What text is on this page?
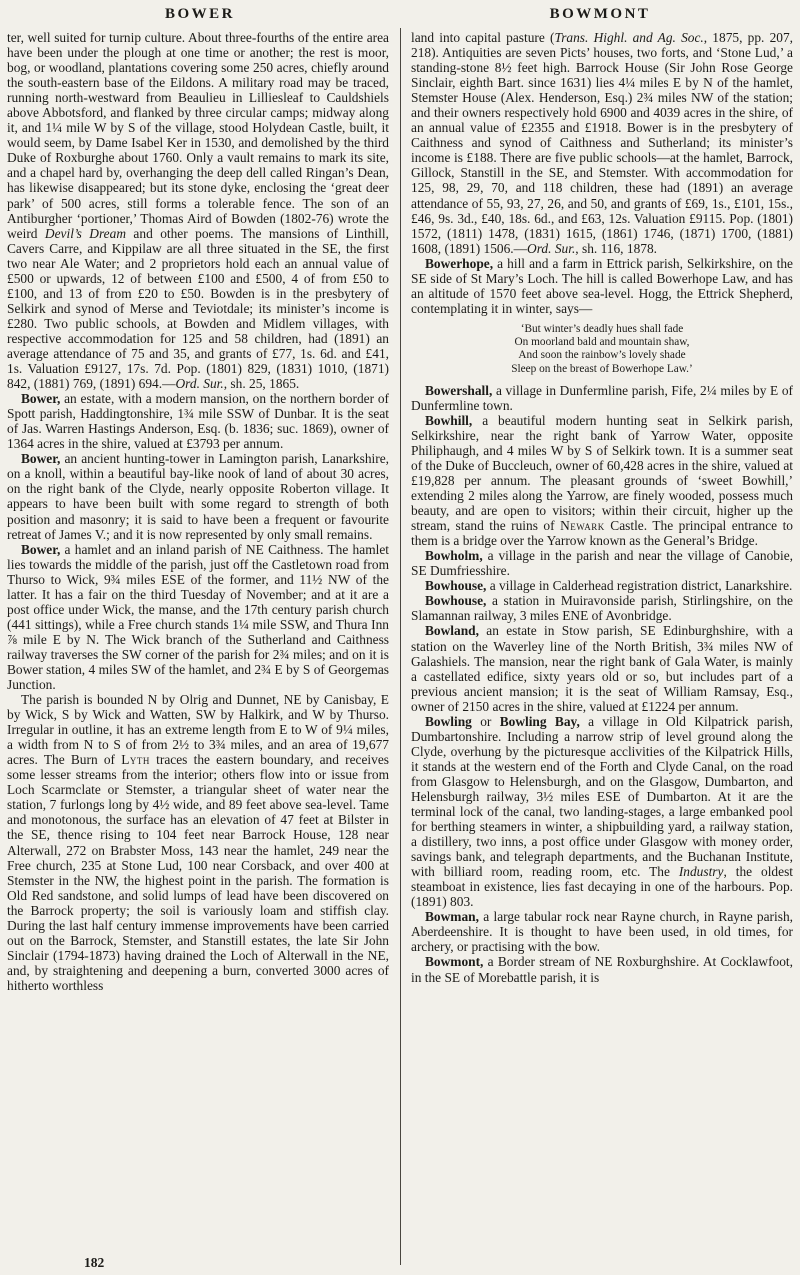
BOWER	BOWMONT

ter, well suited for turnip culture. About three-fourths of the entire area have been under the plough at one time or another; the rest is moor, bog, or woodland, plantations covering some 250 acres, chiefly around the south-eastern base of the Eildons. A military road may be traced, running north-westward from Beaulieu in Lilliesleaf to Cauldshiels above Abbotsford, and flanked by three circular camps; midway along it, and 1¼ mile W by S of the village, stood Holydean Castle, built, it would seem, by Dame Isabel Ker in 1530, and demolished by the third Duke of Roxburghe about 1760. Only a vault remains to mark its site, and a chapel hard by, overhanging the deep dell called Ringan’s Dean, has likewise disappeared; but its stone dyke, enclosing the ‘great deer park’ of 500 acres, still forms a tolerable fence. The son of an Antiburgher ‘portioner,’ Thomas Aird of Bowden (1802-76) wrote the weird Devil’s Dream and other poems. The mansions of Linthill, Cavers Carre, and Kippilaw are all three situated in the SE, the first two near Ale Water; and 2 proprietors hold each an annual value of £500 or upwards, 12 of between £100 and £500, 4 of from £50 to £100, and 13 of from £20 to £50. Bowden is in the presbytery of Selkirk and synod of Merse and Teviotdale; its minister’s income is £280. Two public schools, at Bowden and Midlem villages, with respective accommodation for 125 and 58 children, had (1891) an average attendance of 75 and 35, and grants of £77, 1s. 6d. and £41, 1s. Valuation £9127, 17s. 7d. Pop. (1801) 829, (1831) 1010, (1871) 842, (1881) 769, (1891) 694.—Ord. Sur., sh. 25, 1865.

Bower, an estate, with a modern mansion, on the northern border of Spott parish, Haddingtonshire, 1¾ mile SSW of Dunbar. It is the seat of Jas. Warren Hastings Anderson, Esq. (b. 1836; suc. 1869), owner of 1364 acres in the shire, valued at £3793 per annum.

Bower, an ancient hunting-tower in Lamington parish, Lanarkshire, on a knoll, within a beautiful bay-like nook of land of about 30 acres, on the right bank of the Clyde, nearly opposite Roberton village. It appears to have been built with some regard to strength of both position and masonry; it is said to have been a frequent or favourite retreat of James V.; and it is now represented by only small remains.

Bower, a hamlet and an inland parish of NE Caithness. The hamlet lies towards the middle of the parish, just off the Castletown road from Thurso to Wick, 9¾ miles ESE of the former, and 11½ NW of the latter. It has a fair on the third Tuesday of November; and at it are a post office under Wick, the manse, and the 17th century parish church (441 sittings), while a Free church stands 1¼ mile SSW, and Thura Inn ⅞ mile E by N. The Wick branch of the Sutherland and Caithness railway traverses the SW corner of the parish for 2¾ miles; and on it is Bower station, 4 miles SW of the hamlet, and 2¾ E by S of Georgemas Junction.

The parish is bounded N by Olrig and Dunnet, NE by Canisbay, E by Wick, S by Wick and Watten, SW by Halkirk, and W by Thurso. Irregular in outline, it has an extreme length from E to W of 9¼ miles, a width from N to S of from 2½ to 3¾ miles, and an area of 19,677 acres. The Burn of Lyth traces the eastern boundary, and receives some lesser streams from the interior; others flow into or issue from Loch Scarmclate or Stemster, a triangular sheet of water near the station, 7 furlongs long by 4½ wide, and 89 feet above sea-level. Tame and monotonous, the surface has an elevation of 47 feet at Bilster in the SE, thence rising to 104 feet near Barrock House, 128 near Alterwall, 272 on Brabster Moss, 143 near the hamlet, 249 near the Free church, 235 at Stone Lud, 100 near Corsback, and over 400 at Stemster in the NW, the highest point in the parish. The formation is Old Red sandstone, and solid lumps of lead have been discovered on the Barrock property; the soil is variously loam and stiffish clay. During the last half century immense improvements have been carried out on the Barrock, Stemster, and Stanstill estates, the late Sir John Sinclair (1794-1873) having drained the Loch of Alterwall in the NE, and, by straightening and deepening a burn, converted 3000 acres of hitherto worthless

land into capital pasture (Trans. Highl. and Ag. Soc., 1875, pp. 207, 218). Antiquities are seven Picts’ houses, two forts, and ‘Stone Lud,’ a standing-stone 8½ feet high. Barrock House (Sir John Rose George Sinclair, eighth Bart. since 1631) lies 4¼ miles E by N of the hamlet, Stemster House (Alex. Henderson, Esq.) 2¾ miles NW of the station; and their owners respectively hold 6900 and 4039 acres in the shire, of an annual value of £2355 and £1918. Bower is in the presbytery of Caithness and synod of Caithness and Sutherland; its minister’s income is £188. There are five public schools—at the hamlet, Barrock, Gillock, Stanstill in the SE, and Stemster. With accommodation for 125, 98, 29, 70, and 118 children, these had (1891) an average attendance of 55, 93, 27, 26, and 50, and grants of £69, 1s., £101, 15s., £46, 9s. 3d., £40, 18s. 6d., and £63, 12s. Valuation £9115. Pop. (1801) 1572, (1811) 1478, (1831) 1615, (1861) 1746, (1871) 1700, (1881) 1608, (1891) 1506.—Ord. Sur., sh. 116, 1878.

Bowerhope, a hill and a farm in Ettrick parish, Selkirkshire, on the SE side of St Mary’s Loch. The hill is called Bowerhope Law, and has an altitude of 1570 feet above sea-level. Hogg, the Ettrick Shepherd, contemplating it in winter, says—

‘But winter’s deadly hues shall fade
On moorland bald and mountain shaw,
And soon the rainbow’s lovely shade
Sleep on the breast of Bowerhope Law.’

Bowershall, a village in Dunfermline parish, Fife, 2¼ miles by E of Dunfermline town.

Bowhill, a beautiful modern hunting seat in Selkirk parish, Selkirkshire, near the right bank of Yarrow Water, opposite Philiphaugh, and 4 miles W by S of Selkirk town. It is a summer seat of the Duke of Buccleuch, owner of 60,428 acres in the shire, valued at £19,828 per annum. The pleasant grounds of ‘sweet Bowhill,’ extending 2 miles along the Yarrow, are finely wooded, possess much beauty, and are open to visitors; within their circuit, higher up the stream, stand the ruins of Newark Castle. The principal entrance to them is a bridge over the Yarrow known as the General’s Bridge.

Bowholm, a village in the parish and near the village of Canobie, SE Dumfriesshire.

Bowhouse, a village in Calderhead registration district, Lanarkshire.

Bowhouse, a station in Muiravonside parish, Stirlingshire, on the Slamannan railway, 3 miles ENE of Avonbridge.

Bowland, an estate in Stow parish, SE Edinburghshire, with a station on the Waverley line of the North British, 3¾ miles NW of Galashiels. The mansion, near the right bank of Gala Water, is mainly a castellated edifice, sixty years old or so, but includes part of a previous ancient mansion; it is the seat of William Ramsay, Esq., owner of 2150 acres in the shire, valued at £1224 per annum.

Bowling or Bowling Bay, a village in Old Kilpatrick parish, Dumbartonshire. Including a narrow strip of level ground along the Clyde, overhung by the picturesque acclivities of the Kilpatrick Hills, it stands at the western end of the Forth and Clyde Canal, on the road from Glasgow to Helensburgh, and on the Glasgow, Dumbarton, and Helensburgh railway, 3½ miles ESE of Dumbarton. At it are the terminal lock of the canal, two landing-stages, a large embanked pool for berthing steamers in winter, a shipbuilding yard, a railway station, a distillery, two inns, a post office under Glasgow with money order, savings bank, and telegraph departments, and the Buchanan Institute, with billiard room, reading room, etc. The Industry, the oldest steamboat in existence, lies fast decaying in one of the harbours. Pop. (1891) 803.

Bowman, a large tabular rock near Rayne church, in Rayne parish, Aberdeenshire. It is thought to have been used, in old times, for archery, or practising with the bow.

Bowmont, a Border stream of NE Roxburghshire. At Cocklawfoot, in the SE of Morebattle parish, it is

182
